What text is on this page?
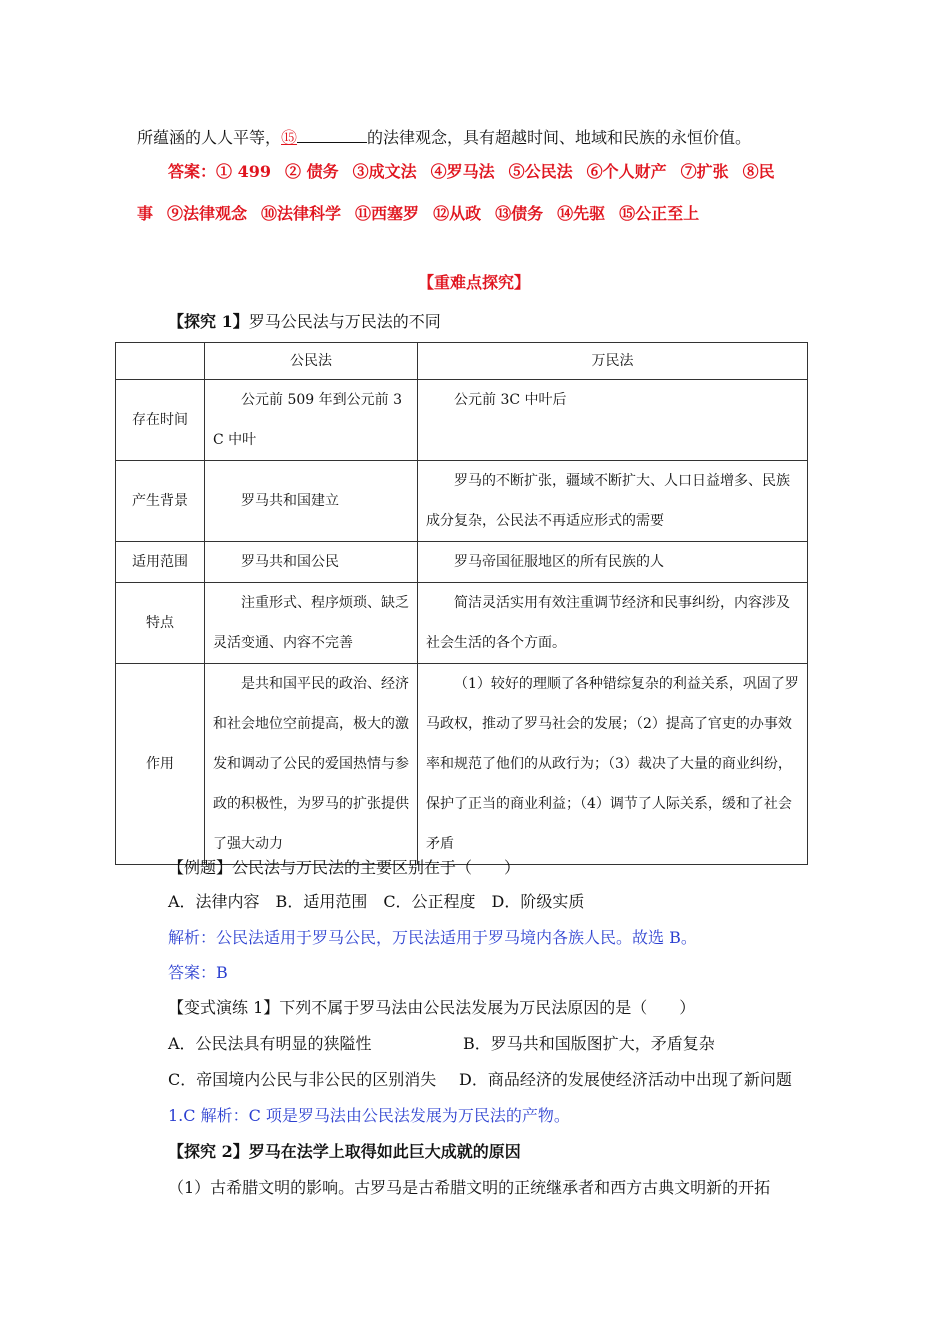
所蕴涵的人人平等，⑮	的法律观念，具有超越时间、地域和民族的永恒价值。
答案：① 499 ② 债务 ③成文法 ④罗马法 ⑤公民法 ⑥个人财产 ⑦扩张 ⑧民
事 ⑨法律观念 ⑩法律科学 ⑪西塞罗 ⑫从政 ⑬债务 ⑭先驱 ⑮公正至上
【重难点探究】
【探究 1】罗马公民法与万民法的不同
	公民法	万民法
存在时间	公元前 509 年到公元前 3C 中叶	公元前 3C 中叶后

产生背景	罗马共和国建立	罗马的不断扩张，疆域不断扩大、人口日益增多、民族成分复杂，公民法不再适应形式的需要

适用范围	罗马共和国公民	罗马帝国征服地区的所有民族的人

特点	注重形式、程序烦琐、缺乏灵活变通、内容不完善	简洁灵活实用有效注重调节经济和民事纠纷，内容涉及社会生活的各个方面。

作用	是共和国平民的政治、经济和社会地位空前提高，极大的激发和调动了公民的爱国热情与参政的积极性，为罗马的扩张提供了强大动力	（1）较好的理顺了各种错综复杂的利益关系，巩固了罗马政权，推动了罗马社会的发展；（2）提高了官吏的办事效率和规范了他们的从政行为；（3）裁决了大量的商业纠纷，保护了正当的商业利益；（4）调节了人际关系，缓和了社会矛盾
【例题】公民法与万民法的主要区别在于（　　）
A．法律内容　B．适用范围　C．公正程度　D．阶级实质
解析：公民法适用于罗马公民，万民法适用于罗马境内各族人民。故选 B。
答案：B
【变式演练 1】下列不属于罗马法由公民法发展为万民法原因的是（　　）
A．公民法具有明显的狭隘性	B．罗马共和国版图扩大，矛盾复杂
C．帝国境内公民与非公民的区别消失 D．商品经济的发展使经济活动中出现了新问题
1.C 解析：C 项是罗马法由公民法发展为万民法的产物。
【探究 2】罗马在法学上取得如此巨大成就的原因
（1）古希腊文明的影响。古罗马是古希腊文明的正统继承者和西方古典文明新的开拓
